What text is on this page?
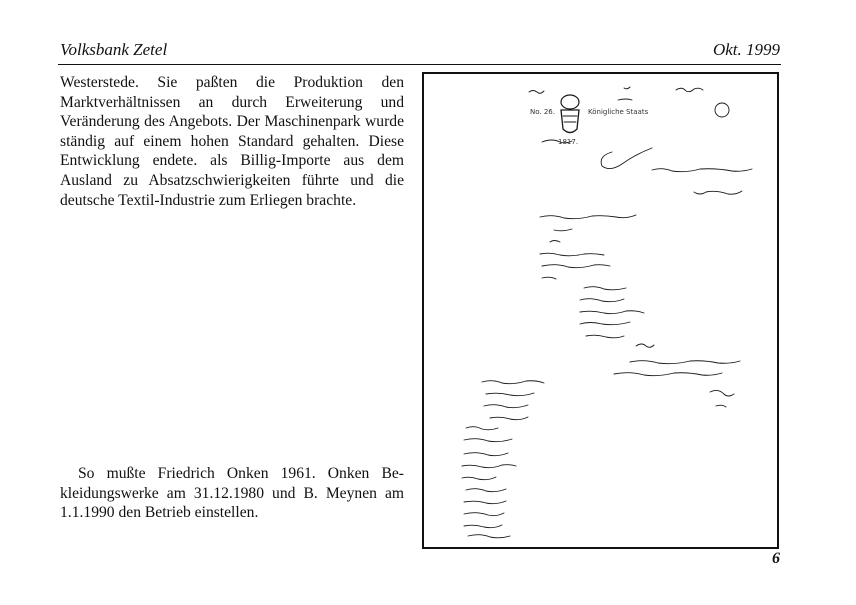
Volksbank Zetel	Okt. 1999

Westerstede. Sie paßten die Produktion den Marktverhältnissen an durch Erweiterung und Veränderung des Angebots. Der Maschinenpark wurde ständig auf einem hohen Standard gehalten. Diese Entwicklung endete. als Billig-Importe aus dem Ausland zu Absatzschwierigkeiten führte und die deutsche Textil-Industrie zum Erliegen brachte.

So mußte Friedrich Onken 1961. Onken Bekleidungswerke am 31.12.1980 und B. Meynen am 1.1.1990 den Betrieb einstellen.

No. 26.	Königliche Staats
1817.
6
